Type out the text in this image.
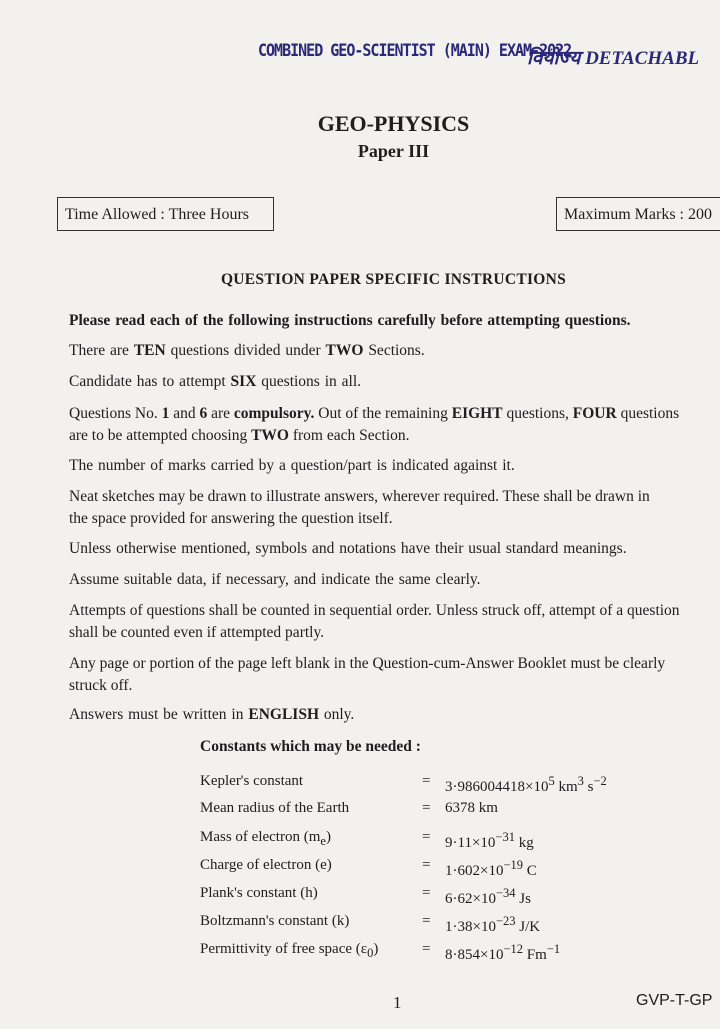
COMBINED GEO-SCIENTIST (MAIN) EXAM-2022
वियोज्य DETACHABL
GEO-PHYSICS
Paper III
Time Allowed : Three Hours	Maximum Marks : 200
QUESTION PAPER SPECIFIC INSTRUCTIONS
Please read each of the following instructions carefully before attempting questions.
There are TEN questions divided under TWO Sections.
Candidate has to attempt SIX questions in all.
Questions No. 1 and 6 are compulsory. Out of the remaining EIGHT questions, FOUR questions
are to be attempted choosing TWO from each Section.
The number of marks carried by a question/part is indicated against it.
Neat sketches may be drawn to illustrate answers, wherever required. These shall be drawn in
the space provided for answering the question itself.
Unless otherwise mentioned, symbols and notations have their usual standard meanings.
Assume suitable data, if necessary, and indicate the same clearly.
Attempts of questions shall be counted in sequential order. Unless struck off, attempt of a question
shall be counted even if attempted partly.
Any page or portion of the page left blank in the Question-cum-Answer Booklet must be clearly
struck off.
Answers must be written in ENGLISH only.
Constants which may be needed :
Kepler's constant	= $3\cdot 986004418\times 10^5$ $km^3$ $s^{-2}$
Mean radius of the Earth	= 6378 km
Mass of electron $(m_e)$	= $9\cdot 11\times 10^{-31}$ kg
Charge of electron (e)	= $1\cdot 602\times 10^{-19}$ C
Plank's constant (h)	= $6\cdot 62\times 10^{-34}$ Js
Boltzmann's constant (k)	= $1\cdot 38\times 10^{-23}$ J/K
Permittivity of free space $(\varepsilon_0)$	= $8\cdot 854\times 10^{-12}$ $Fm^{-1}$
1	GVP-T-GP
